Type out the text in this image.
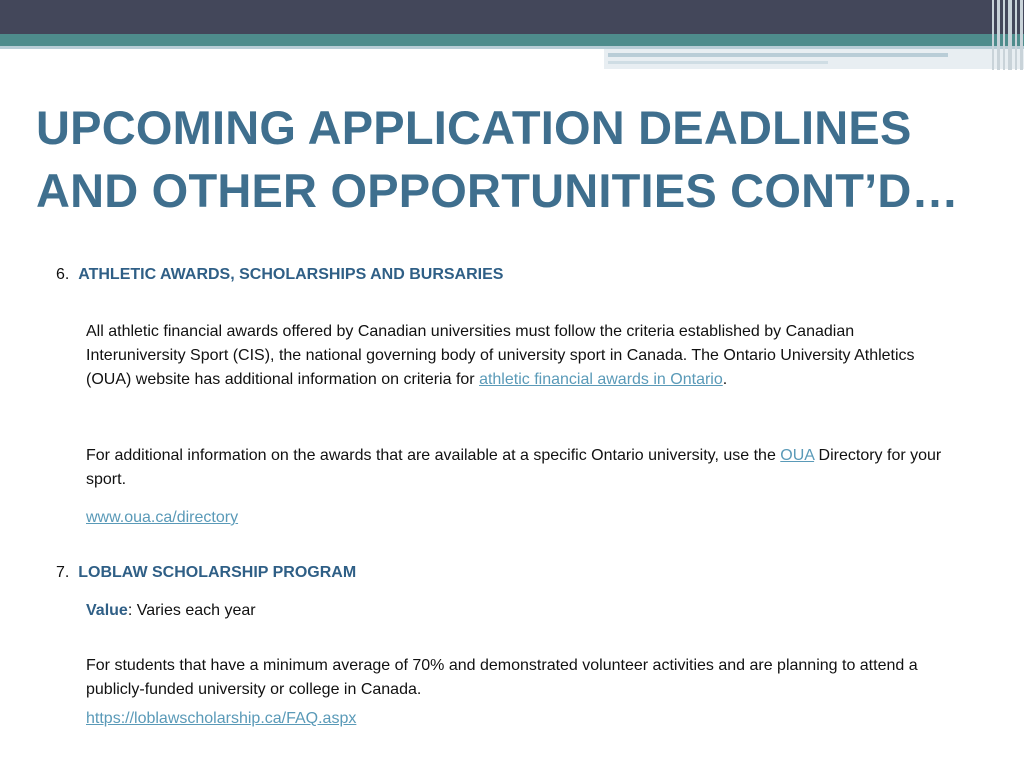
UPCOMING APPLICATION DEADLINES
AND OTHER OPPORTUNITIES CONT’D…
6. ATHLETIC AWARDS, SCHOLARSHIPS AND BURSARIES

All athletic financial awards offered by Canadian universities must follow the criteria established by Canadian Interuniversity Sport (CIS), the national governing body of university sport in Canada. The Ontario University Athletics (OUA) website has additional information on criteria for athletic financial awards in Ontario.

For additional information on the awards that are available at a specific Ontario university, use the OUA Directory for your sport.

www.oua.ca/directory

7. LOBLAW SCHOLARSHIP PROGRAM

Value: Varies each year

For students that have a minimum average of 70% and demonstrated volunteer activities and are planning to attend a publicly-funded university or college in Canada.

https://loblawscholarship.ca/FAQ.aspx
